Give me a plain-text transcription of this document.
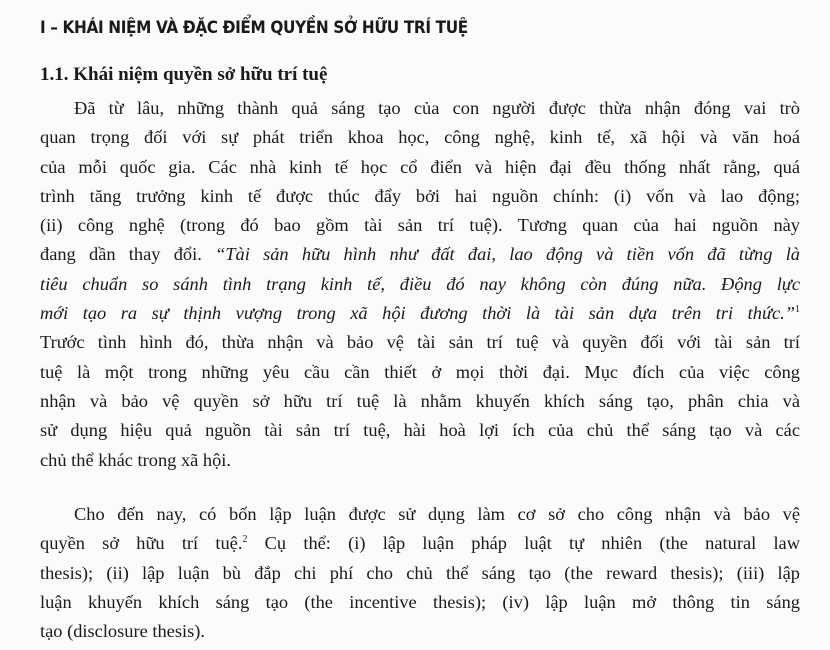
I – KHÁI NIỆM VÀ ĐẶC ĐIỂM QUYỀN SỞ HỮU TRÍ TUỆ
1.1. Khái niệm quyền sở hữu trí tuệ
Đã từ lâu, những thành quả sáng tạo của con người được thừa nhận đóng vai trò
quan trọng đối với sự phát triển khoa học, công nghệ, kinh tế, xã hội và văn hoá
của mỗi quốc gia. Các nhà kinh tế học cổ điển và hiện đại đều thống nhất rằng, quá
trình tăng trưởng kinh tế được thúc đẩy bởi hai nguồn chính: (i) vốn và lao động;
(ii) công nghệ (trong đó bao gồm tài sản trí tuệ). Tương quan của hai nguồn này
đang dần thay đổi. “Tài sản hữu hình như đất đai, lao động và tiền vốn đã từng là
tiêu chuẩn so sánh tình trạng kinh tế, điều đó nay không còn đúng nữa. Động lực
mới tạo ra sự thịnh vượng trong xã hội đương thời là tài sản dựa trên tri thức.”$^1$
Trước tình hình đó, thừa nhận và bảo vệ tài sản trí tuệ và quyền đối với tài sản trí
tuệ là một trong những yêu cầu cần thiết ở mọi thời đại. Mục đích của việc công
nhận và bảo vệ quyền sở hữu trí tuệ là nhằm khuyến khích sáng tạo, phân chia và
sử dụng hiệu quả nguồn tài sản trí tuệ, hài hoà lợi ích của chủ thể sáng tạo và các
chủ thể khác trong xã hội.
Cho đến nay, có bốn lập luận được sử dụng làm cơ sở cho công nhận và bảo vệ
quyền sở hữu trí tuệ.$^2$ Cụ thể: (i) lập luận pháp luật tự nhiên (the natural law
thesis); (ii) lập luận bù đắp chi phí cho chủ thể sáng tạo (the reward thesis); (iii) lập
luận khuyến khích sáng tạo (the incentive thesis); (iv) lập luận mở thông tin sáng
tạo (disclosure thesis).
